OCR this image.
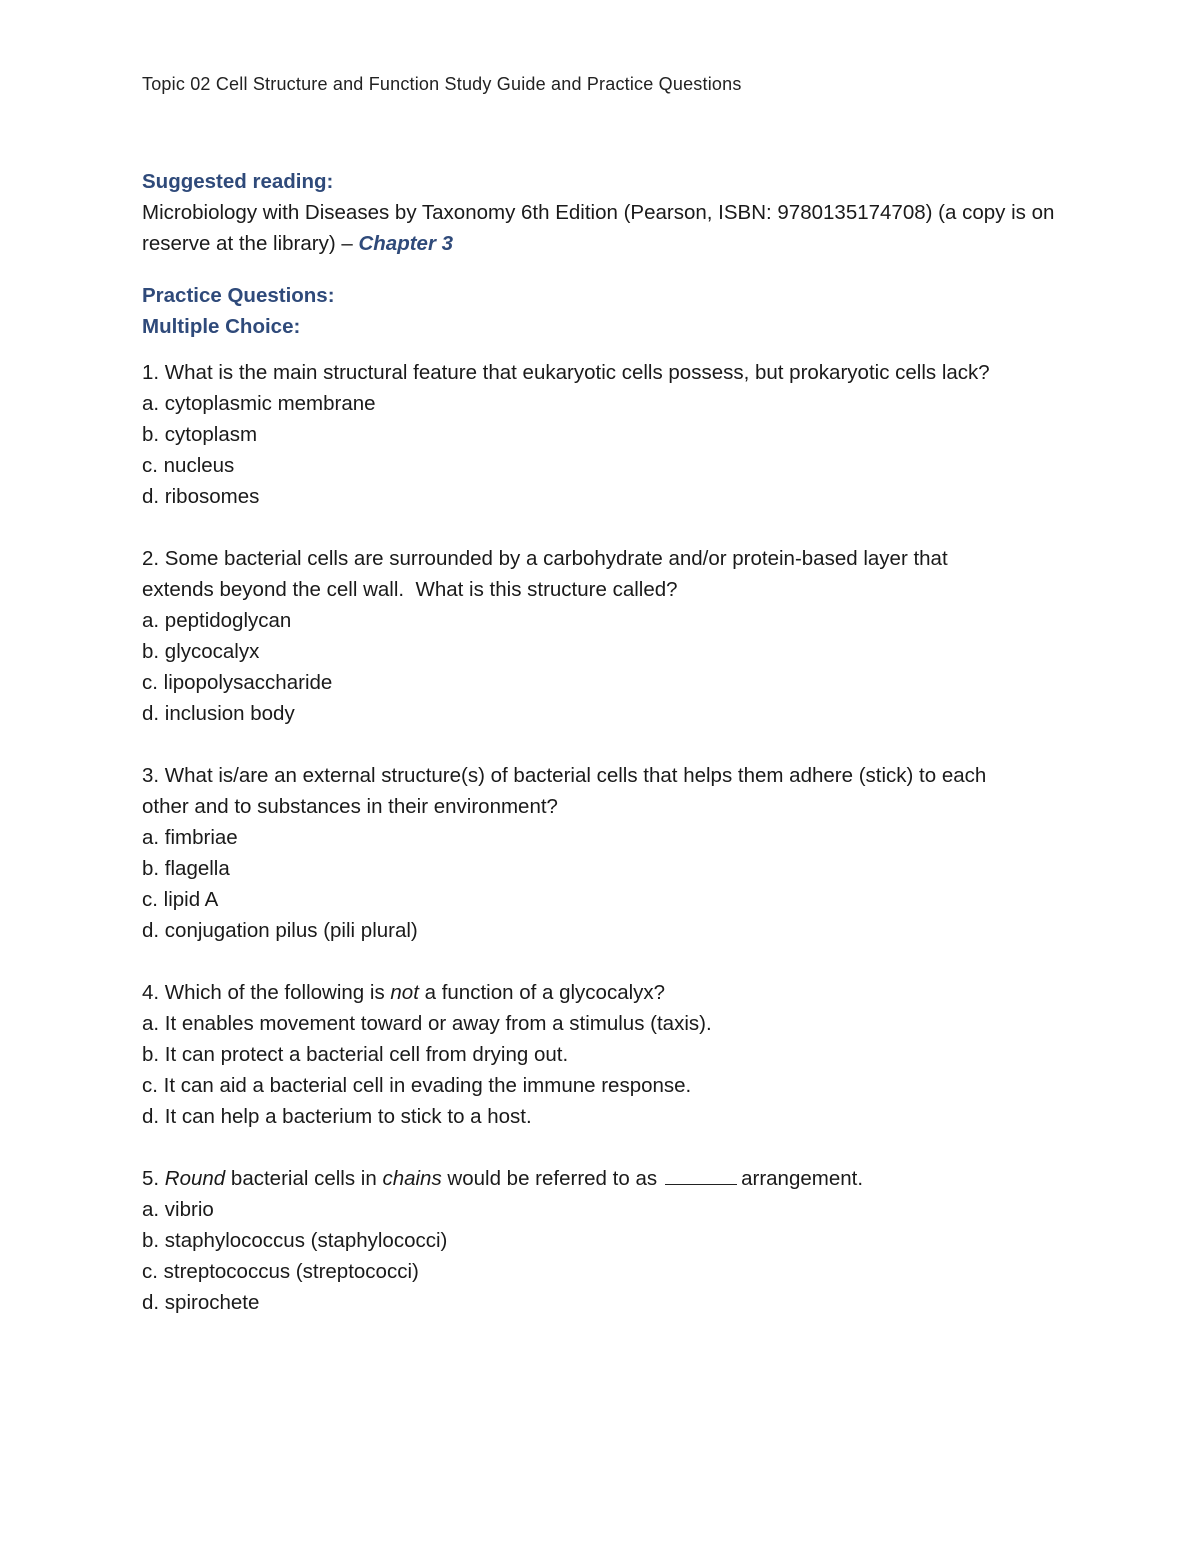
Topic 02 Cell Structure and Function Study Guide and Practice Questions

Suggested reading:

Microbiology with Diseases by Taxonomy 6th Edition (Pearson, ISBN: 9780135174708) (a copy is on reserve at the library) – Chapter 3

Practice Questions:

Multiple Choice:

1. What is the main structural feature that eukaryotic cells possess, but prokaryotic cells lack?

a. cytoplasmic membrane

b. cytoplasm

c. nucleus

d. ribosomes

2. Some bacterial cells are surrounded by a carbohydrate and/or protein-based layer that

extends beyond the cell wall.  What is this structure called?

a. peptidoglycan

b. glycocalyx

c. lipopolysaccharide

d. inclusion body

3. What is/are an external structure(s) of bacterial cells that helps them adhere (stick) to each

other and to substances in their environment?

a. fimbriae

b. flagella

c. lipid A

d. conjugation pilus (pili plural)

4. Which of the following is not a function of a glycocalyx?

a. It enables movement toward or away from a stimulus (taxis).

b. It can protect a bacterial cell from drying out.

c. It can aid a bacterial cell in evading the immune response.

d. It can help a bacterium to stick to a host.

5. Round bacterial cells in chains would be referred to as	arrangement.

a. vibrio

b. staphylococcus (staphylococci)

c. streptococcus (streptococci)

d. spirochete
